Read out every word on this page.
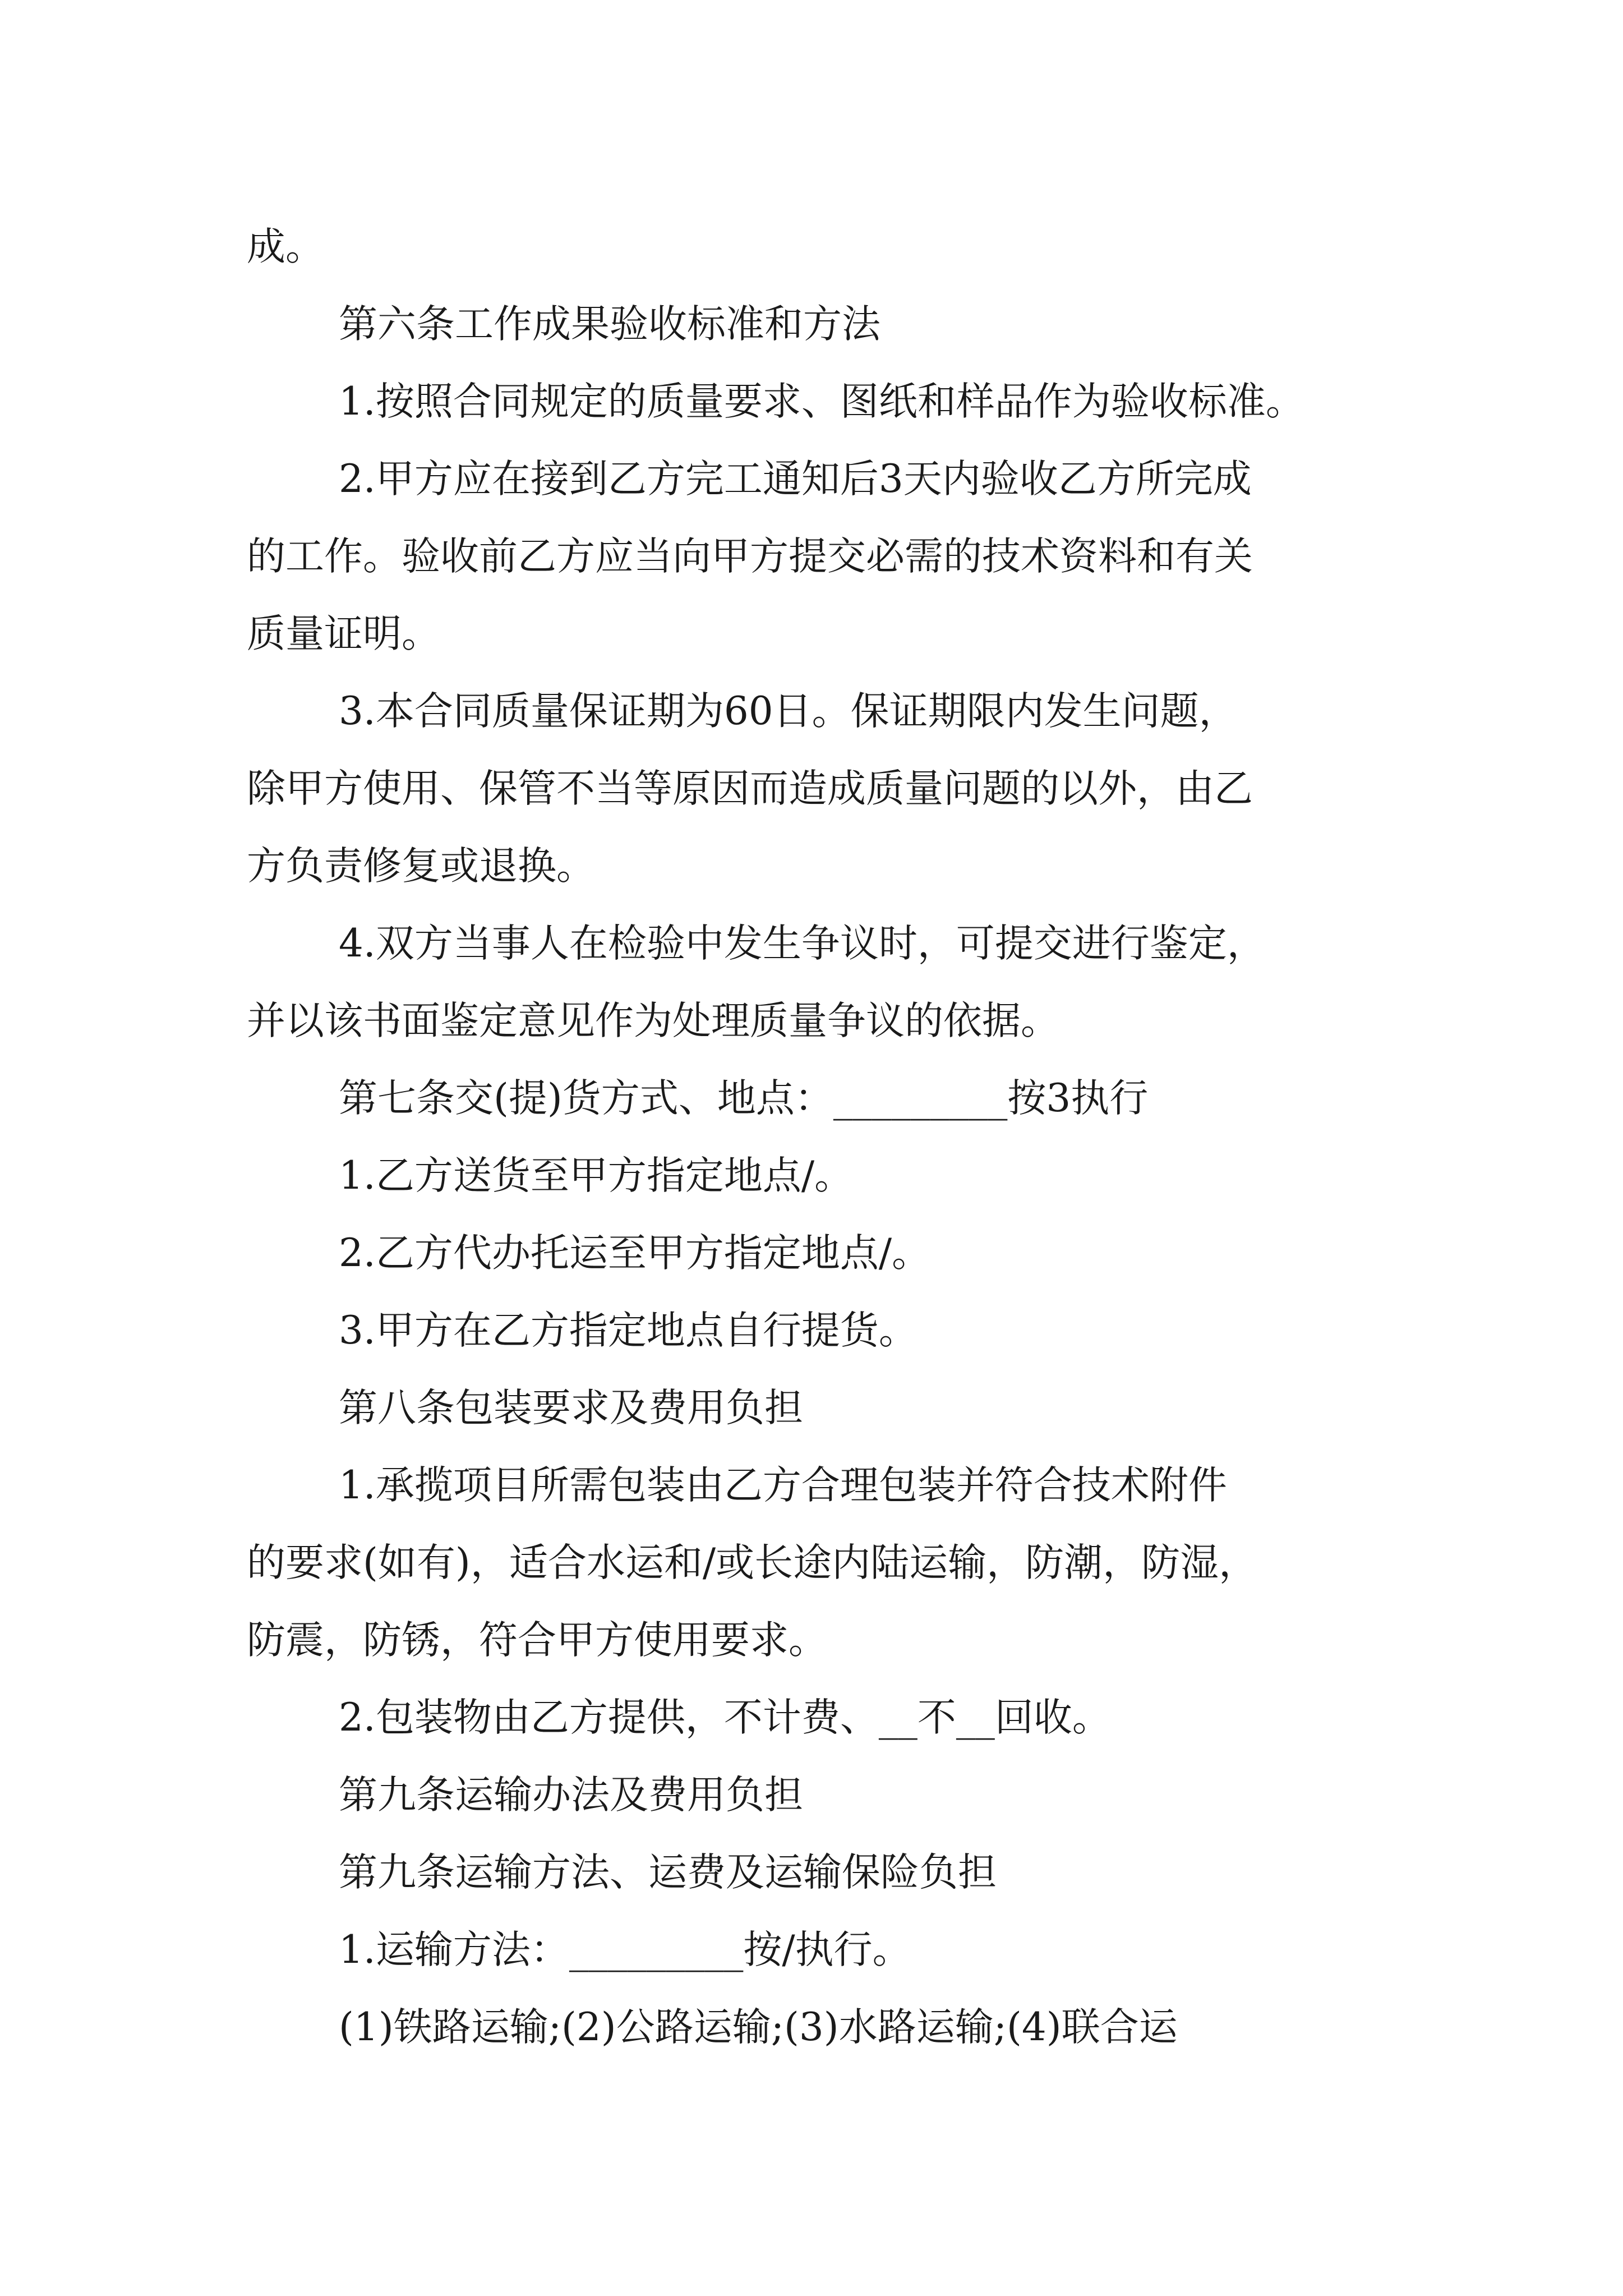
成。
第六条工作成果验收标准和方法
1.按照合同规定的质量要求、图纸和样品作为验收标准。
2.甲方应在接到乙方完工通知后3天内验收乙方所完成
的工作。验收前乙方应当向甲方提交必需的技术资料和有关
质量证明。
3.本合同质量保证期为60日。保证期限内发生问题，
除甲方使用、保管不当等原因而造成质量问题的以外，由乙
方负责修复或退换。
4.双方当事人在检验中发生争议时，可提交进行鉴定，
并以该书面鉴定意见作为处理质量争议的依据。
第七条交(提)货方式、地点：_________按3执行
1.乙方送货至甲方指定地点/。
2.乙方代办托运至甲方指定地点/。
3.甲方在乙方指定地点自行提货。
第八条包装要求及费用负担
1.承揽项目所需包装由乙方合理包装并符合技术附件
的要求(如有)，适合水运和/或长途内陆运输，防潮，防湿，
防震，防锈，符合甲方使用要求。
2.包装物由乙方提供，不计费、__不__回收。
第九条运输办法及费用负担
第九条运输方法、运费及运输保险负担
1.运输方法：_________按/执行。
(1)铁路运输;(2)公路运输;(3)水路运输;(4)联合运
